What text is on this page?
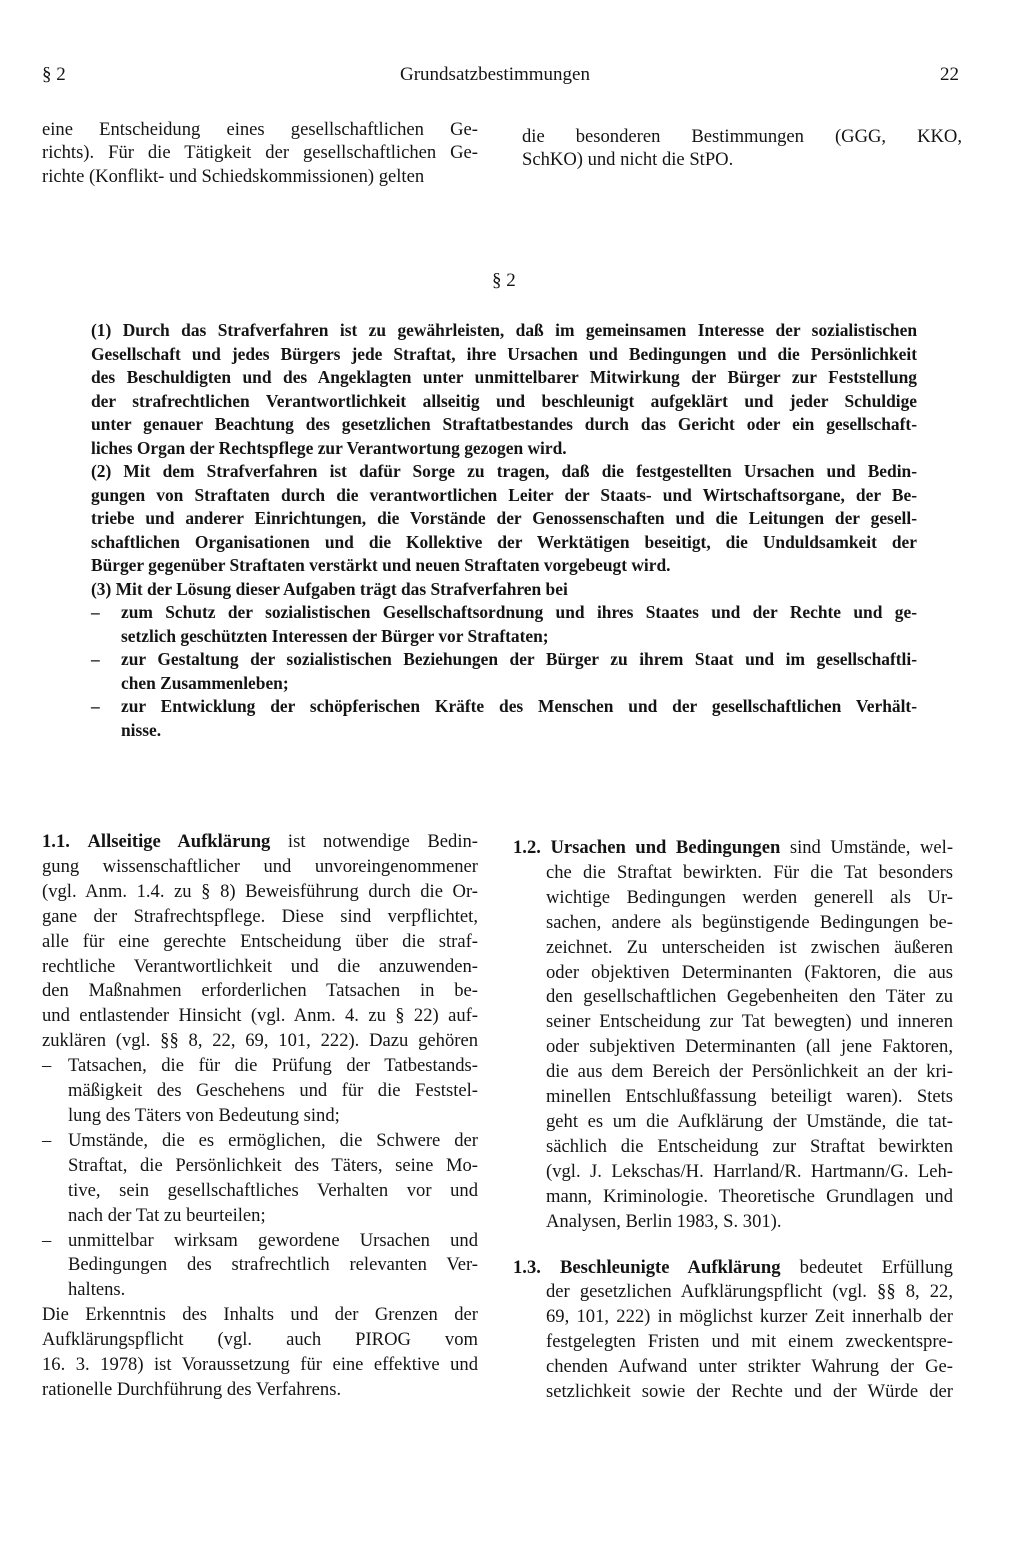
§ 2	Grundsatzbestimmungen	22
eine Entscheidung eines gesellschaftlichen Ge-
richts). Für die Tätigkeit der gesellschaftlichen Ge-
richte (Konflikt- und Schiedskommissionen) gelten
die besonderen Bestimmungen (GGG, KKO,
SchKO) und nicht die StPO.
§ 2
(1) Durch das Strafverfahren ist zu gewährleisten, daß im gemeinsamen Interesse der sozialistischen
Gesellschaft und jedes Bürgers jede Straftat, ihre Ursachen und Bedingungen und die Persönlichkeit
des Beschuldigten und des Angeklagten unter unmittelbarer Mitwirkung der Bürger zur Feststellung
der strafrechtlichen Verantwortlichkeit allseitig und beschleunigt aufgeklärt und jeder Schuldige
unter genauer Beachtung des gesetzlichen Straftatbestandes durch das Gericht oder ein gesellschaft-
liches Organ der Rechtspflege zur Verantwortung gezogen wird.
(2) Mit dem Strafverfahren ist dafür Sorge zu tragen, daß die festgestellten Ursachen und Bedin-
gungen von Straftaten durch die verantwortlichen Leiter der Staats- und Wirtschaftsorgane, der Be-
triebe und anderer Einrichtungen, die Vorstände der Genossenschaften und die Leitungen der gesell-
schaftlichen Organisationen und die Kollektive der Werktätigen beseitigt, die Unduldsamkeit der
Bürger gegenüber Straftaten verstärkt und neuen Straftaten vorgebeugt wird.
(3) Mit der Lösung dieser Aufgaben trägt das Strafverfahren bei
– zum Schutz der sozialistischen Gesellschaftsordnung und ihres Staates und der Rechte und ge-
setzlich geschützten Interessen der Bürger vor Straftaten;
– zur Gestaltung der sozialistischen Beziehungen der Bürger zu ihrem Staat und im gesellschaftli-
chen Zusammenleben;
– zur Entwicklung der schöpferischen Kräfte des Menschen und der gesellschaftlichen Verhält-
nisse.
1.1. Allseitige Aufklärung ist notwendige Bedin-
gung wissenschaftlicher und unvoreingenommener
(vgl. Anm. 1.4. zu § 8) Beweisführung durch die Or-
gane der Strafrechtspflege. Diese sind verpflichtet,
alle für eine gerechte Entscheidung über die straf-
rechtliche Verantwortlichkeit und die anzuwenden-
den Maßnahmen erforderlichen Tatsachen in be-
und entlastender Hinsicht (vgl. Anm. 4. zu § 22) auf-
zuklären (vgl. §§ 8, 22, 69, 101, 222). Dazu gehören
– Tatsachen, die für die Prüfung der Tatbestands-
mäßigkeit des Geschehens und für die Feststel-
lung des Täters von Bedeutung sind;
– Umstände, die es ermöglichen, die Schwere der
Straftat, die Persönlichkeit des Täters, seine Mo-
tive, sein gesellschaftliches Verhalten vor und
nach der Tat zu beurteilen;
– unmittelbar wirksam gewordene Ursachen und
Bedingungen des strafrechtlich relevanten Ver-
haltens.
Die Erkenntnis des Inhalts und der Grenzen der
Aufklärungspflicht (vgl. auch PIROG vom
16. 3. 1978) ist Voraussetzung für eine effektive und
rationelle Durchführung des Verfahrens.
1.2. Ursachen und Bedingungen sind Umstände, wel-
che die Straftat bewirkten. Für die Tat besonders
wichtige Bedingungen werden generell als Ur-
sachen, andere als begünstigende Bedingungen be-
zeichnet. Zu unterscheiden ist zwischen äußeren
oder objektiven Determinanten (Faktoren, die aus
den gesellschaftlichen Gegebenheiten den Täter zu
seiner Entscheidung zur Tat bewegten) und inneren
oder subjektiven Determinanten (all jene Faktoren,
die aus dem Bereich der Persönlichkeit an der kri-
minellen Entschlußfassung beteiligt waren). Stets
geht es um die Aufklärung der Umstände, die tat-
sächlich die Entscheidung zur Straftat bewirkten
(vgl. J. Lekschas/H. Harrland/R. Hartmann/G. Leh-
mann, Kriminologie. Theoretische Grundlagen und
Analysen, Berlin 1983, S. 301).
1.3. Beschleunigte Aufklärung bedeutet Erfüllung
der gesetzlichen Aufklärungspflicht (vgl. §§ 8, 22,
69, 101, 222) in möglichst kurzer Zeit innerhalb der
festgelegten Fristen und mit einem zweckentspre-
chenden Aufwand unter strikter Wahrung der Ge-
setzlichkeit sowie der Rechte und der Würde der
